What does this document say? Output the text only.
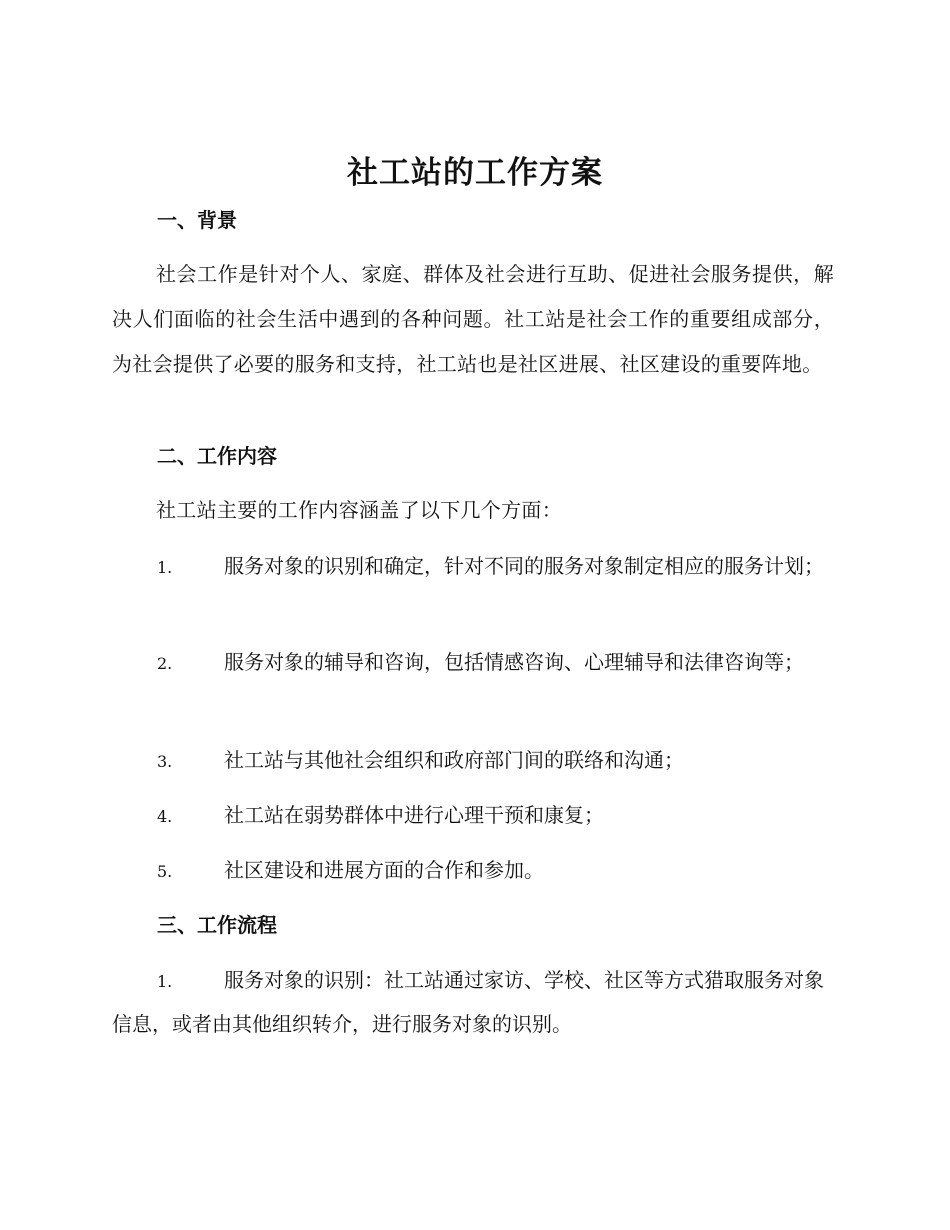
社工站的工作方案
一、背景

社会工作是针对个人、家庭、群体及社会进行互助、促进社会服务提供，解决人们面临的社会生活中遇到的各种问题。社工站是社会工作的重要组成部分，为社会提供了必要的服务和支持，社工站也是社区进展、社区建设的重要阵地。

二、工作内容

社工站主要的工作内容涵盖了以下几个方面：

1.	服务对象的识别和确定，针对不同的服务对象制定相应的服务计划；

2.	服务对象的辅导和咨询，包括情感咨询、心理辅导和法律咨询等；

3.	社工站与其他社会组织和政府部门间的联络和沟通；

4.	社工站在弱势群体中进行心理干预和康复；

5.	社区建设和进展方面的合作和参加。

三、工作流程

1.	服务对象的识别：社工站通过家访、学校、社区等方式猎取服务对象信息，或者由其他组织转介，进行服务对象的识别。
